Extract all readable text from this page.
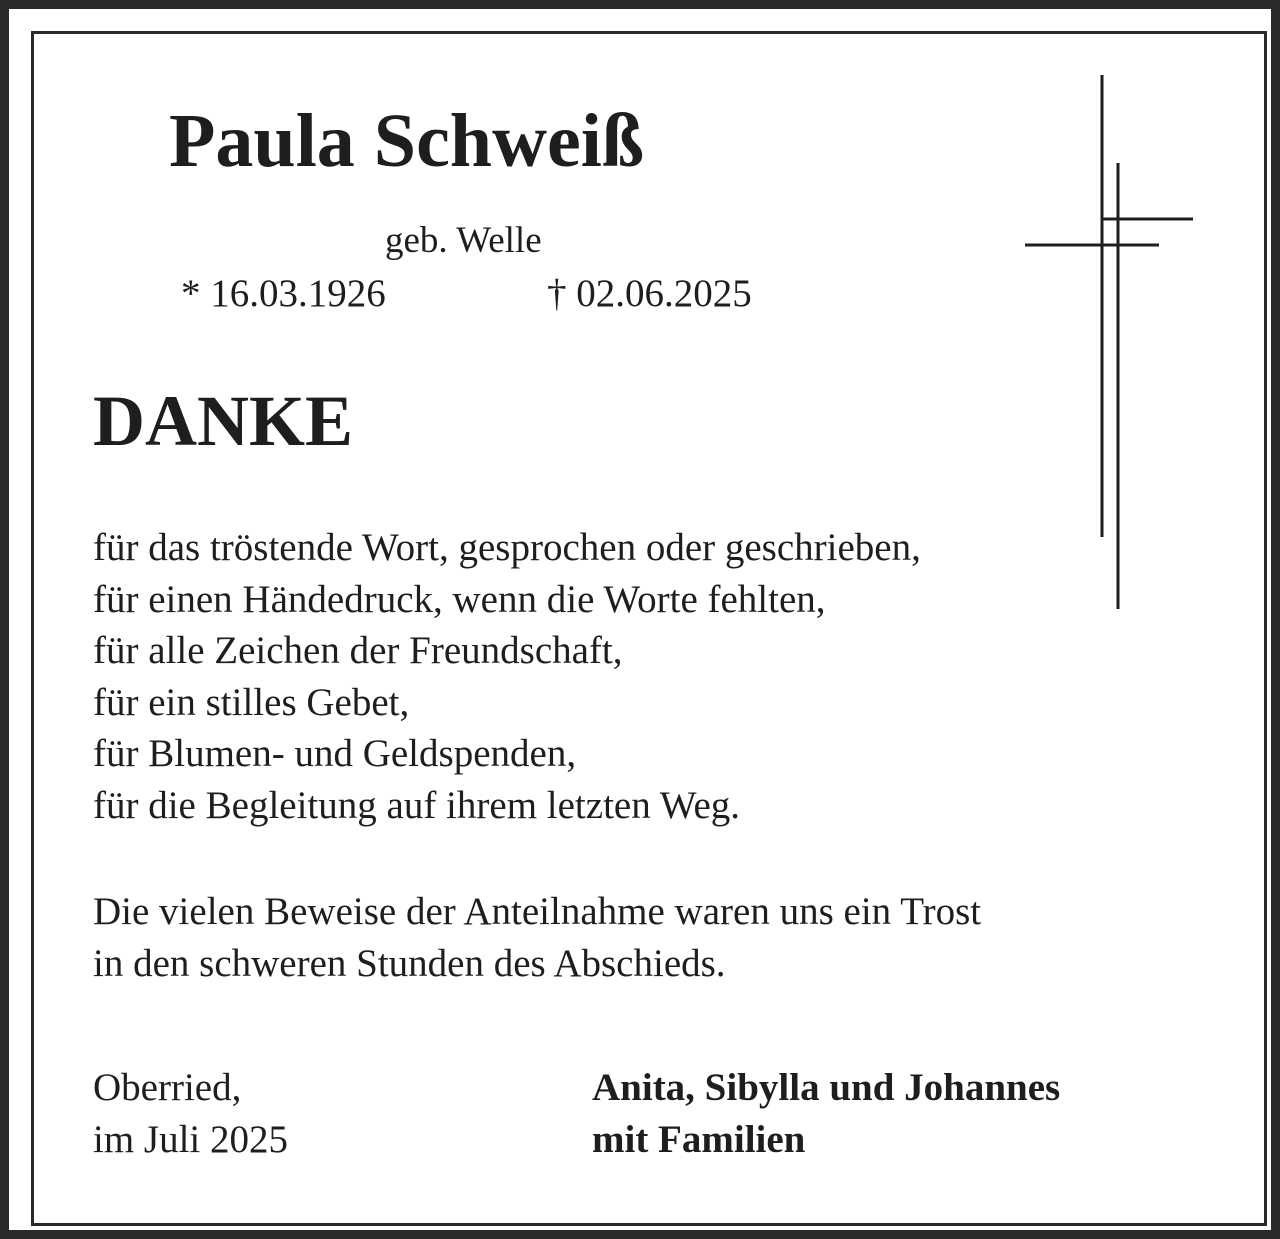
Paula Schweiß

geb. Welle

* 16.03.1926	† 02.06.2025

DANKE
für das tröstende Wort, gesprochen oder geschrieben,
für einen Händedruck, wenn die Worte fehlten,
für alle Zeichen der Freundschaft,
für ein stilles Gebet,
für Blumen- und Geldspenden,
für die Begleitung auf ihrem letzten Weg.
Die vielen Beweise der Anteilnahme waren uns ein Trost
in den schweren Stunden des Abschieds.
Oberried,
im Juli 2025
Anita, Sibylla und Johannes
mit Familien
